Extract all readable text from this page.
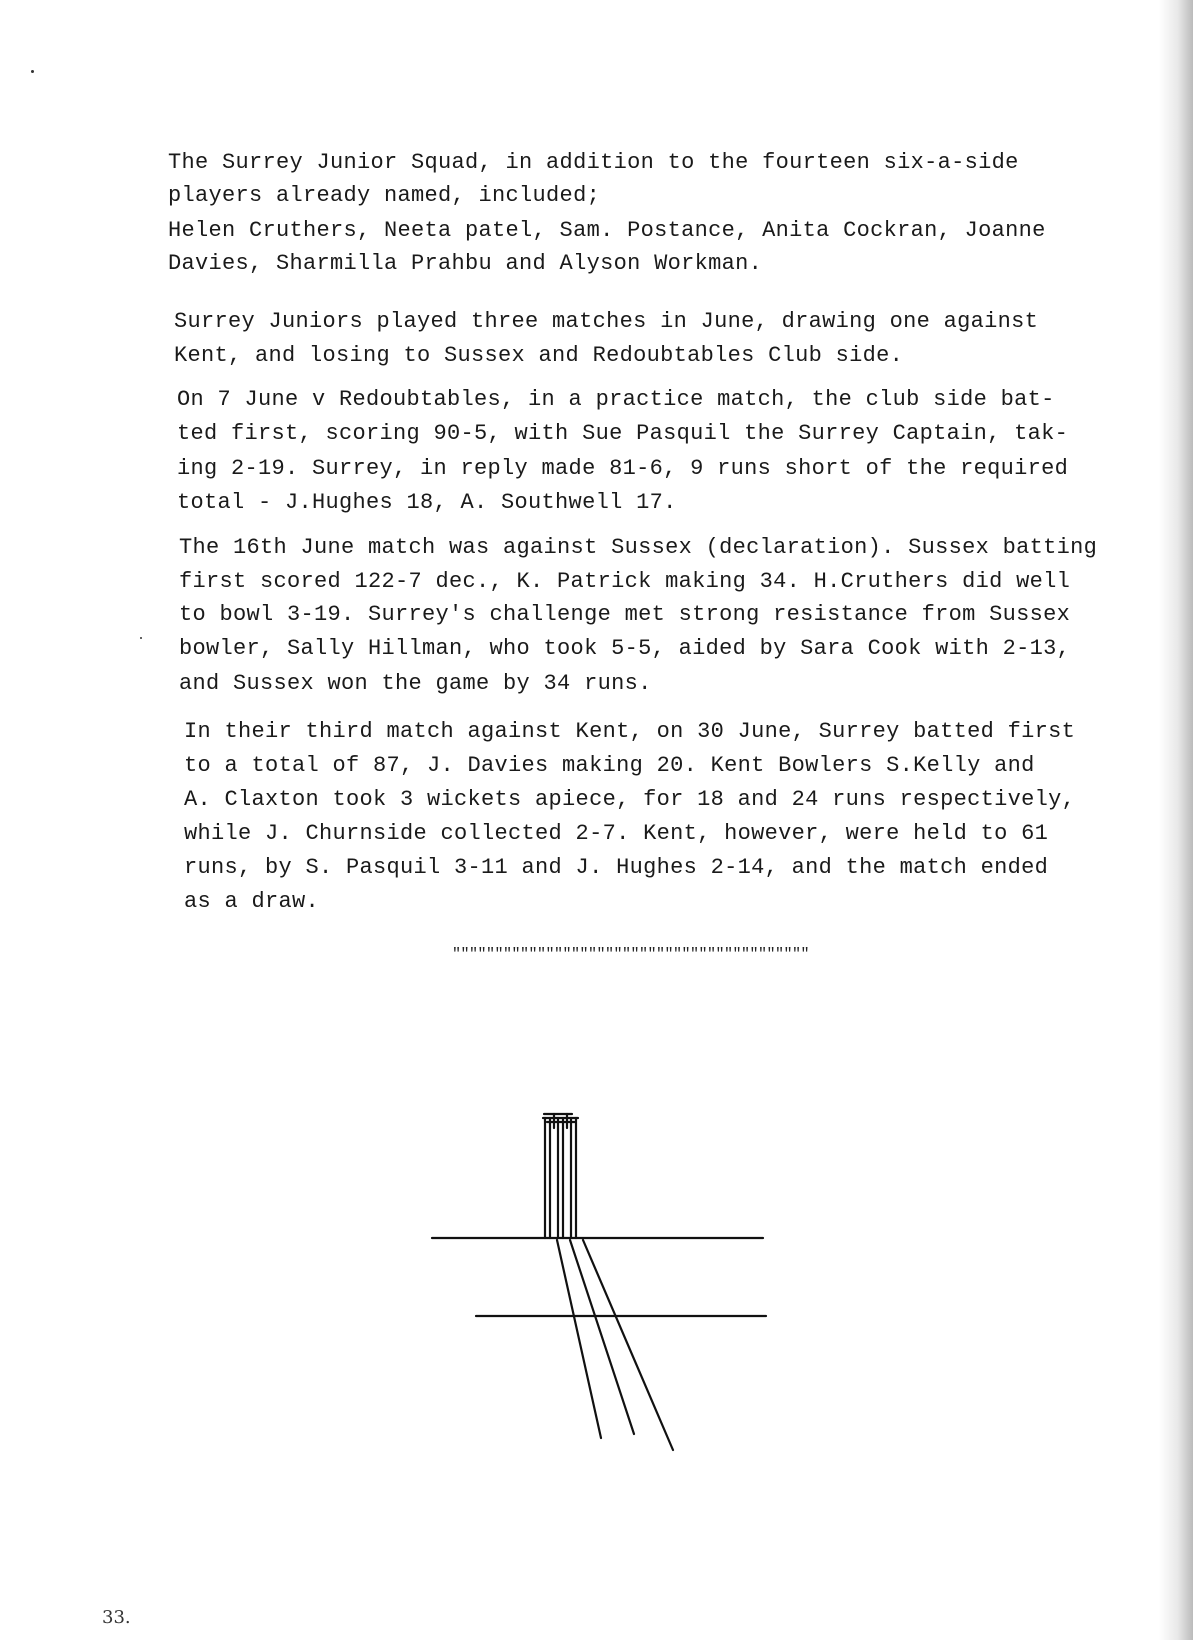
The Surrey Junior Squad, in addition to the fourteen six-a-side
players already named, included;
Helen Cruthers, Neeta patel, Sam. Postance, Anita Cockran, Joanne
Davies, Sharmilla Prahbu and Alyson Workman.
Surrey Juniors played three matches in June, drawing one against
Kent, and losing to Sussex and Redoubtables Club side.
On 7 June v Redoubtables, in a practice match, the club side bat-
ted first, scoring 90-5, with Sue Pasquil the Surrey Captain, tak-
ing 2-19. Surrey, in reply made 81-6, 9 runs short of the required
total - J.Hughes 18, A. Southwell 17.
The 16th June match was against Sussex (declaration). Sussex batting
first scored 122-7 dec., K. Patrick making 34. H.Cruthers did well
to bowl 3-19. Surrey's challenge met strong resistance from Sussex
bowler, Sally Hillman, who took 5-5, aided by Sara Cook with 2-13,
and Sussex won the game by 34 runs.
In their third match against Kent, on 30 June, Surrey batted first
to a total of 87, J. Davies making 20. Kent Bowlers S.Kelly and
A. Claxton took 3 wickets apiece, for 18 and 24 runs respectively,
while J. Churnside collected 2-7. Kent, however, were held to 61
runs, by S. Pasquil 3-11 and J. Hughes 2-14, and the match ended
as a draw.
""""""""""""""""""""""""""""""""""""""""""
33.
